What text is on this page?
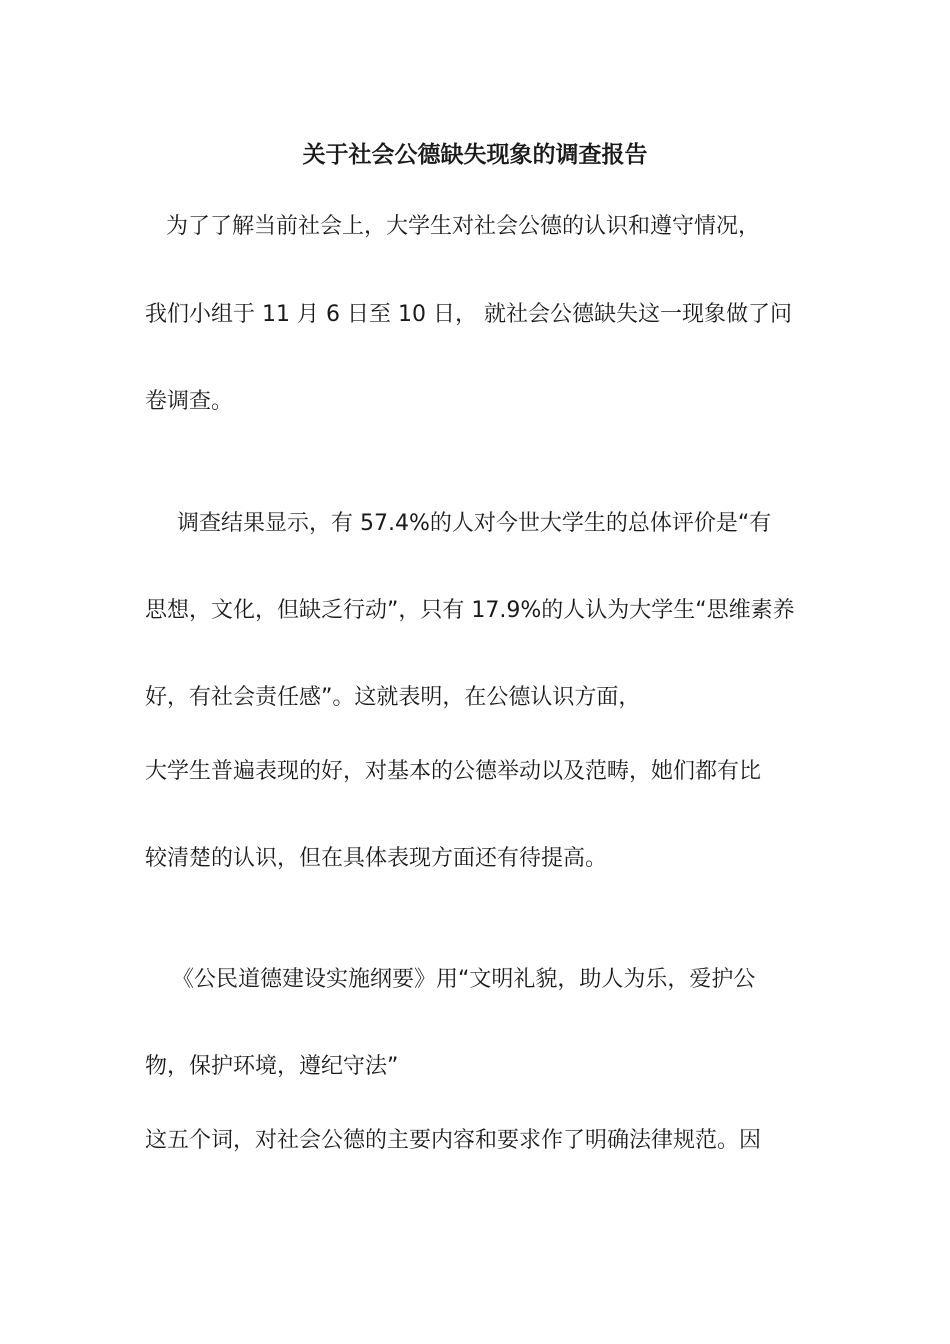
关于社会公德缺失现象的调查报告

为了了解当前社会上，大学生对社会公德的认识和遵守情况，

我们小组于 11 月 6 日至 10 日， 就社会公德缺失这一现象做了问

卷调查。

调查结果显示，有 57.4%的人对今世大学生的总体评价是“有

思想，文化，但缺乏行动”，只有 17.9%的人认为大学生“思维素养

好，有社会责任感”。这就表明，在公德认识方面，

大学生普遍表现的好，对基本的公德举动以及范畴，她们都有比

较清楚的认识，但在具体表现方面还有待提高。

《公民道德建设实施纲要》用“文明礼貌，助人为乐，爱护公

物，保护环境，遵纪守法”

这五个词，对社会公德的主要内容和要求作了明确法律规范。因
